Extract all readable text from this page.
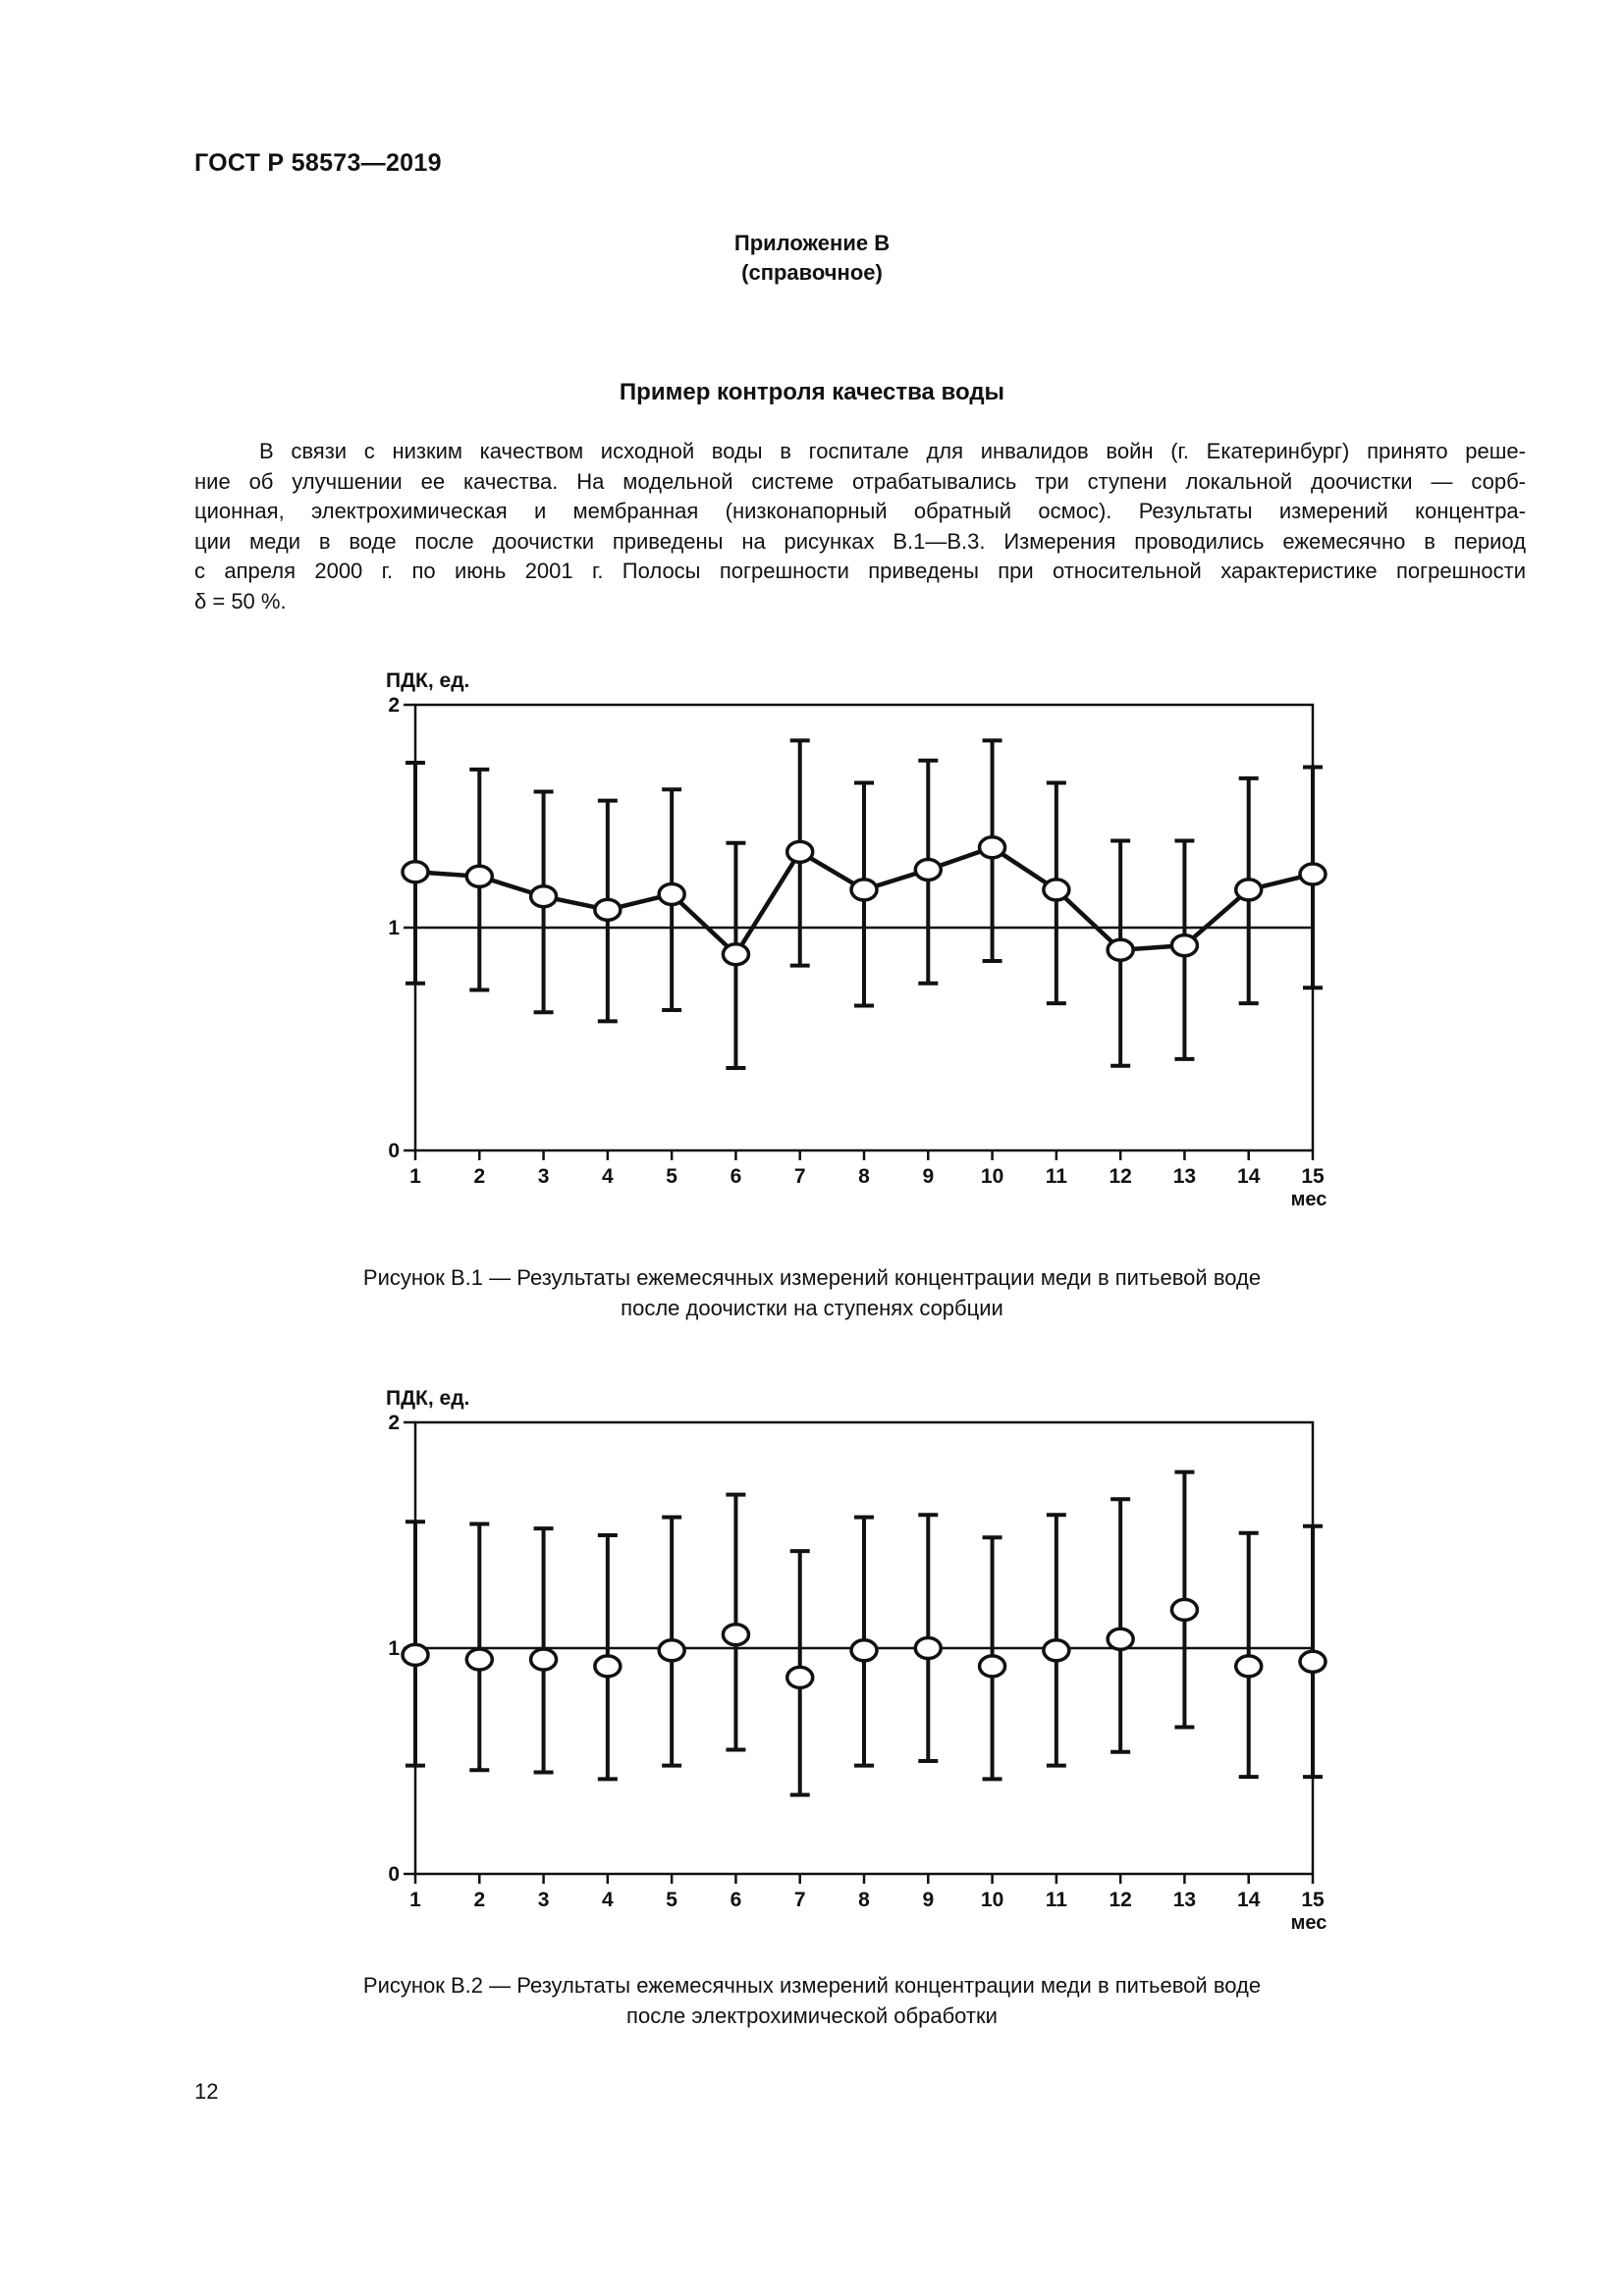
ГОСТ Р 58573—2019
Приложение В
(справочное)
Пример контроля качества воды
В связи с низким качеством исходной воды в госпитале для инвалидов войн (г. Екатеринбург) принято реше-
ние об улучшении ее качества. На модельной системе отрабатывались три ступени локальной доочистки — сорб-
ционная, электрохимическая и мембранная (низконапорный обратный осмос). Результаты измерений концентра-
ции меди в воде после доочистки приведены на рисунках В.1—В.3. Измерения проводились ежемесячно в период
с апреля 2000 г. по июнь 2001 г. Полосы погрешности приведены при относительной характеристике погрешности
δ = 50 %.
ПДК, ед.
0
1
2
1	2	3	4	5	6	7	8	9 10 11 12 13 14 15
мес
Рисунок В.1 — Результаты ежемесячных измерений концентрации меди в питьевой воде
после доочистки на ступенях сорбции
ПДК, ед.
0
1
2
1	2	3	4	5	6	7	8	9 10 11 12 13 14 15
мес
Рисунок В.2 — Результаты ежемесячных измерений концентрации меди в питьевой воде
после электрохимической обработки
12
